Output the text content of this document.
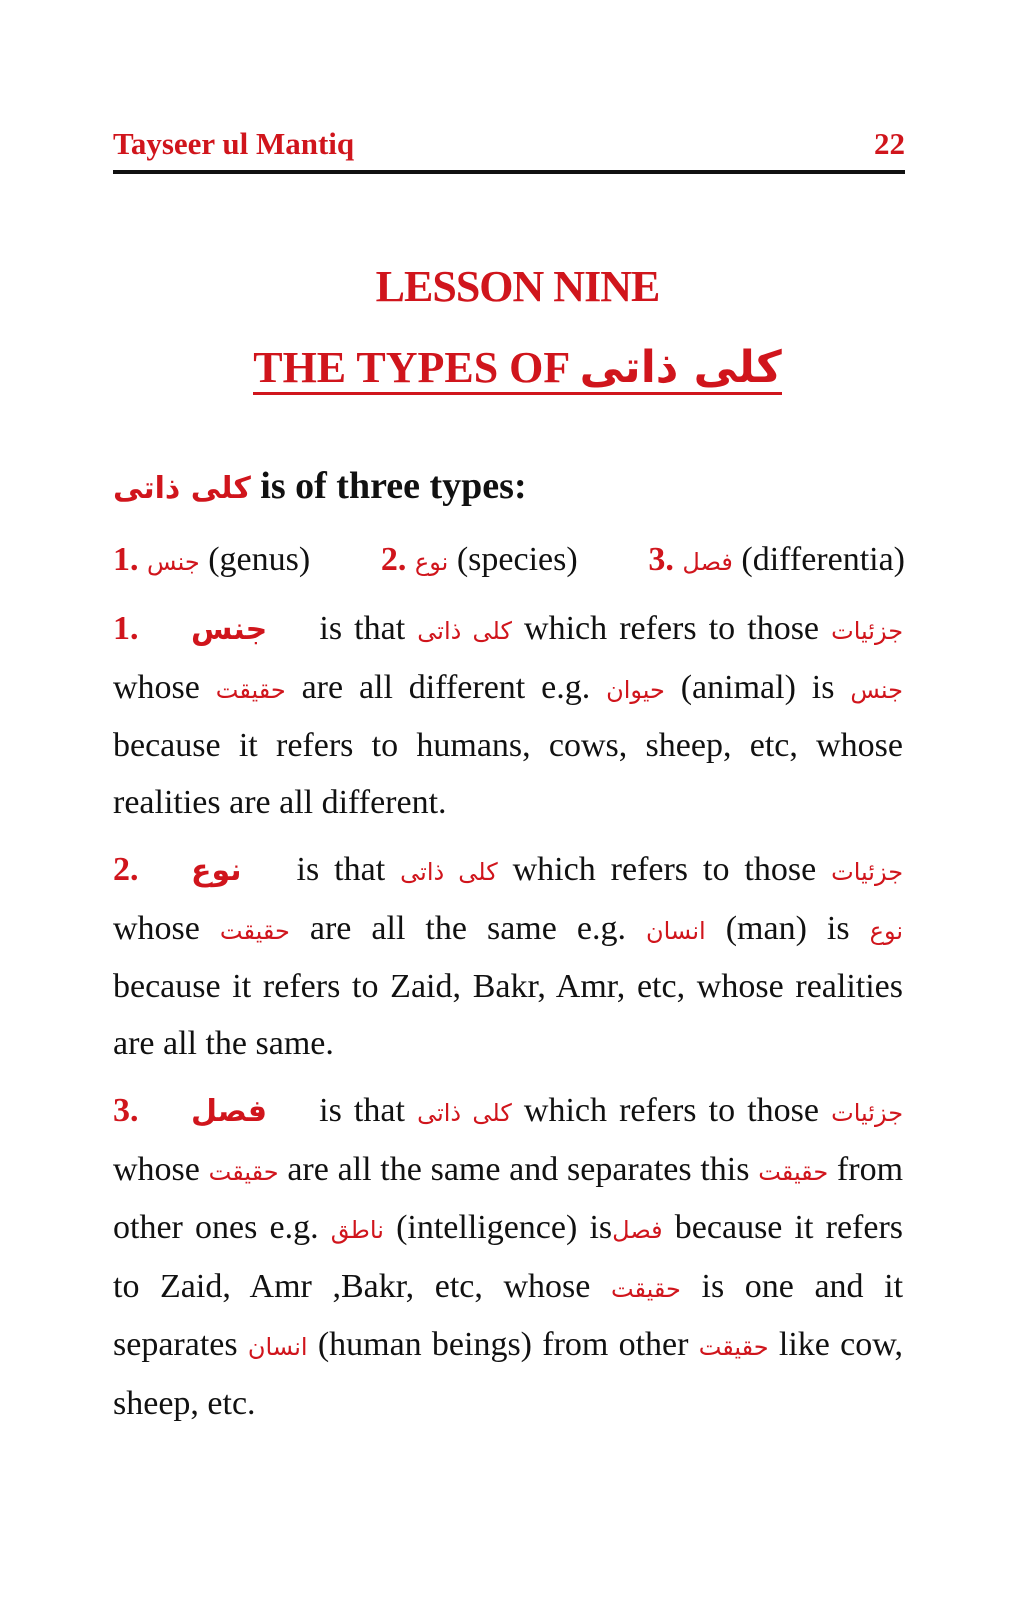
Tayseer ul Mantiq	22
LESSON NINE
THE TYPES OF کلی ذاتی
کلی ذاتی is of three types:
1. جنس (genus) 2. نوع (species) 3. فصل (differentia)
1. جنس is that کلی ذاتی which refers to those جزئیات whose حقیقت are all different e.g. حیوان (animal) is جنس because it refers to humans, cows, sheep, etc, whose realities are all different.
2. نوع is that کلی ذاتی which refers to those جزئیات whose حقیقت are all the same e.g. انسان (man) is نوع because it refers to Zaid, Bakr, Amr, etc, whose realities are all the same.
3. فصل is that کلی ذاتی which refers to those جزئیات whose حقیقت are all the same and separates this حقیقت from other ones e.g. ناطق (intelligence) isفصل because it refers to Zaid, Amr ,Bakr, etc, whose حقیقت is one and it separates انسان (human beings) from other حقیقت like cow, sheep, etc.
